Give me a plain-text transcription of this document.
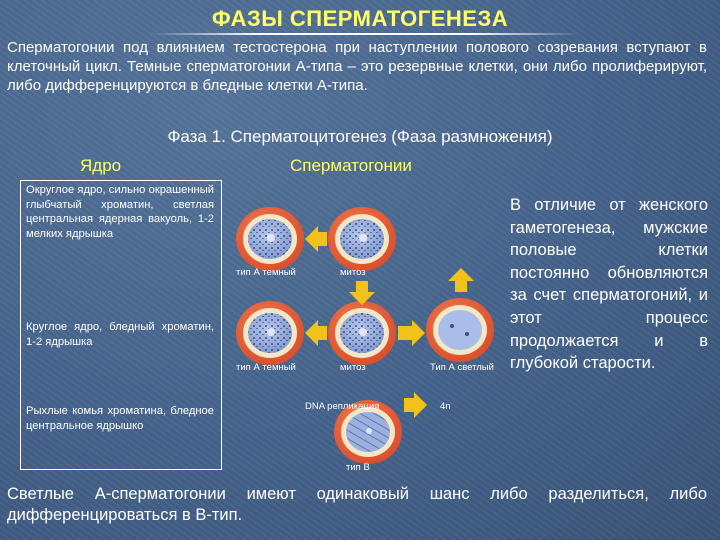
ФАЗЫ СПЕРМАТОГЕНЕЗА
Сперматогонии под влиянием тестостерона при наступлении полового созревания вступают в клеточный цикл. Темные сперматогонии А-типа – это резервные клетки, они либо пролиферируют, либо дифференцируются в бледные клетки А-типа.
Фаза 1. Сперматоцитогенез (Фаза размножения)
Ядро	Сперматогонии
Округлое ядро, сильно окрашенный глыбчатый хроматин, светлая центральная ядерная вакуоль, 1-2 мелких ядрышка
Круглое ядро, бледный хроматин, 1-2 ядрышка
Рыхлые комья хроматина, бледное центральное ядрышко
тип А темный	митоз
тип А темный	митоз	Тип А светлый
DNA репликация	4n
тип B
В отличие от женского гаметогенеза, мужские половые клетки постоянно обновляются за счет сперматогоний, и этот процесс продолжается и в глубокой старости.
Светлые А-сперматогонии имеют одинаковый шанс либо разделиться, либо дифференцироваться в В-тип.
